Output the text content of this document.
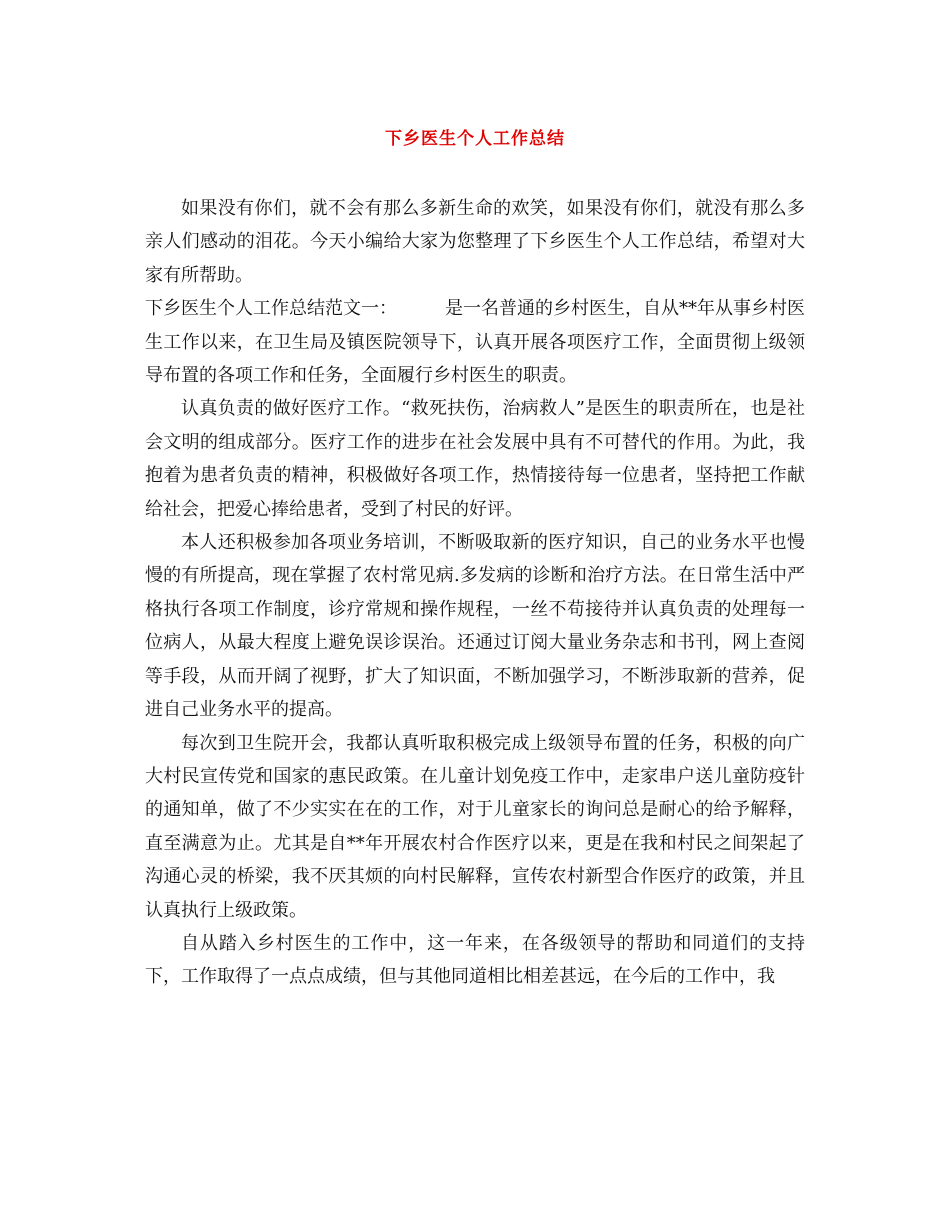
下乡医生个人工作总结

如果没有你们，就不会有那么多新生命的欢笑，如果没有你们，就没有那么多亲人们感动的泪花。今天小编给大家为您整理了下乡医生个人工作总结，希望对大家有所帮助。

下乡医生个人工作总结范文一：	是一名普通的乡村医生，自从**年从事乡村医生工作以来，在卫生局及镇医院领导下，认真开展各项医疗工作，全面贯彻上级领导布置的各项工作和任务，全面履行乡村医生的职责。

认真负责的做好医疗工作。“救死扶伤，治病救人”是医生的职责所在，也是社会文明的组成部分。医疗工作的进步在社会发展中具有不可替代的作用。为此，我抱着为患者负责的精神，积极做好各项工作，热情接待每一位患者，坚持把工作献给社会，把爱心捧给患者，受到了村民的好评。

本人还积极参加各项业务培训，不断吸取新的医疗知识，自己的业务水平也慢慢的有所提高，现在掌握了农村常见病.多发病的诊断和治疗方法。在日常生活中严格执行各项工作制度，诊疗常规和操作规程，一丝不苟接待并认真负责的处理每一位病人，从最大程度上避免误诊误治。还通过订阅大量业务杂志和书刊，网上查阅等手段，从而开阔了视野，扩大了知识面，不断加强学习，不断涉取新的营养，促进自己业务水平的提高。

每次到卫生院开会，我都认真听取积极完成上级领导布置的任务，积极的向广大村民宣传党和国家的惠民政策。在儿童计划免疫工作中，走家串户送儿童防疫针的通知单，做了不少实实在在的工作，对于儿童家长的询问总是耐心的给予解释，直至满意为止。尤其是自**年开展农村合作医疗以来，更是在我和村民之间架起了沟通心灵的桥梁，我不厌其烦的向村民解释，宣传农村新型合作医疗的政策，并且认真执行上级政策。

自从踏入乡村医生的工作中，这一年来，在各级领导的帮助和同道们的支持下，工作取得了一点点成绩，但与其他同道相比相差甚远，在今后的工作中，我
